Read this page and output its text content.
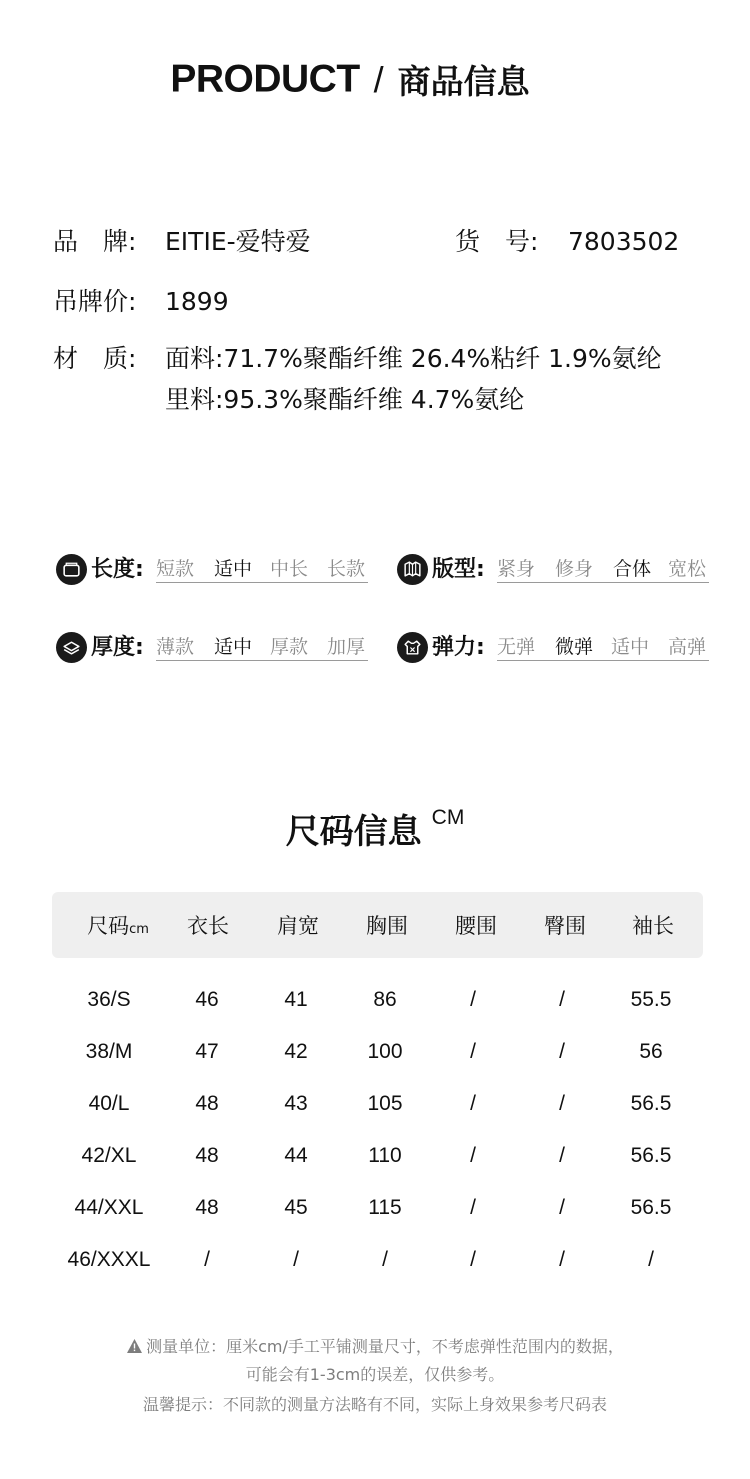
PRODUCT / 商品信息
品　牌: EITIE-爱特爱	货　号: 7803502
吊牌价: 1899
材　质: 面料:71.7%聚酯纤维 26.4%粘纤 1.9%氨纶
里料:95.3%聚酯纤维 4.7%氨纶
长度: 短款 适中 中长 长款	版型: 紧身 修身 合体 宽松
厚度: 薄款 适中 厚款 加厚	弹力: 无弹 微弹 适中 高弹
尺码信息 CM
尺码cm	衣长	肩宽	胸围	腰围	臀围	袖长
36/S	46	41	86	/	/	55.5
38/M	47	42	100	/	/	56
40/L	48	43	105	/	/	56.5
42/XL	48	44	110	/	/	56.5
44/XXL	48	45	115	/	/	56.5
46/XXXL	/	/	/	/	/	/
测量单位：厘米cm/手工平铺测量尺寸，不考虑弹性范围内的数据，
可能会有1-3cm的误差，仅供参考。
温馨提示：不同款的测量方法略有不同，实际上身效果参考尺码表
